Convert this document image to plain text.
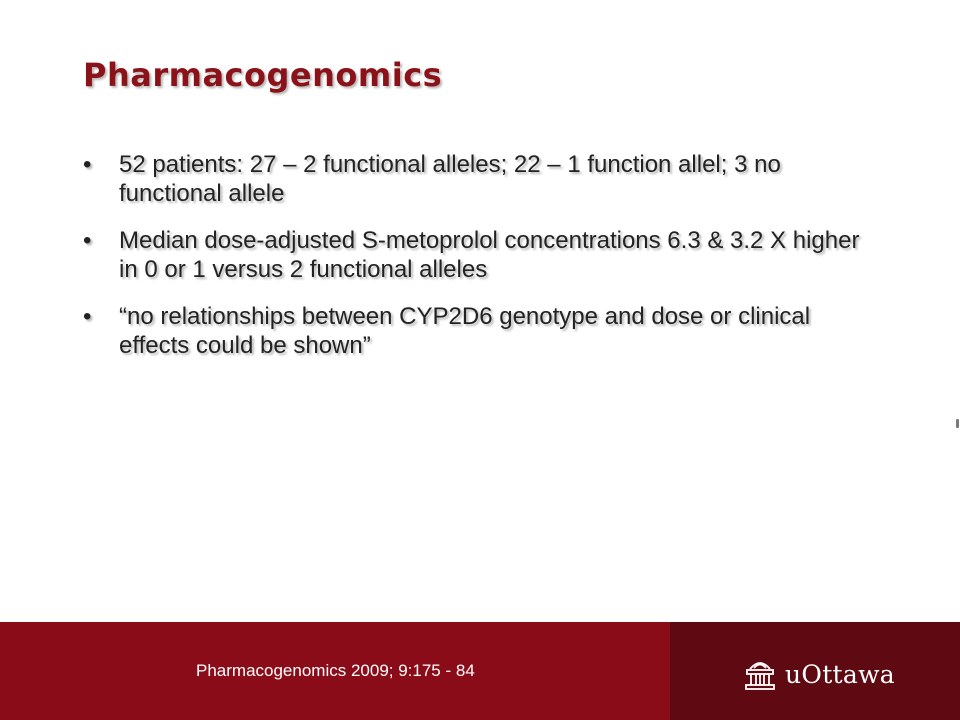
Pharmacogenomics
•	52 patients: 27 – 2 functional alleles; 22 – 1 function allel; 3 no functional allele
•	Median dose-adjusted S-metoprolol concentrations 6.3 & 3.2 X higher in 0 or 1 versus 2 functional alleles
•	“no relationships between CYP2D6 genotype and dose or clinical effects could be shown”
Pharmacogenomics 2009; 9:175 - 84	uOttawa
